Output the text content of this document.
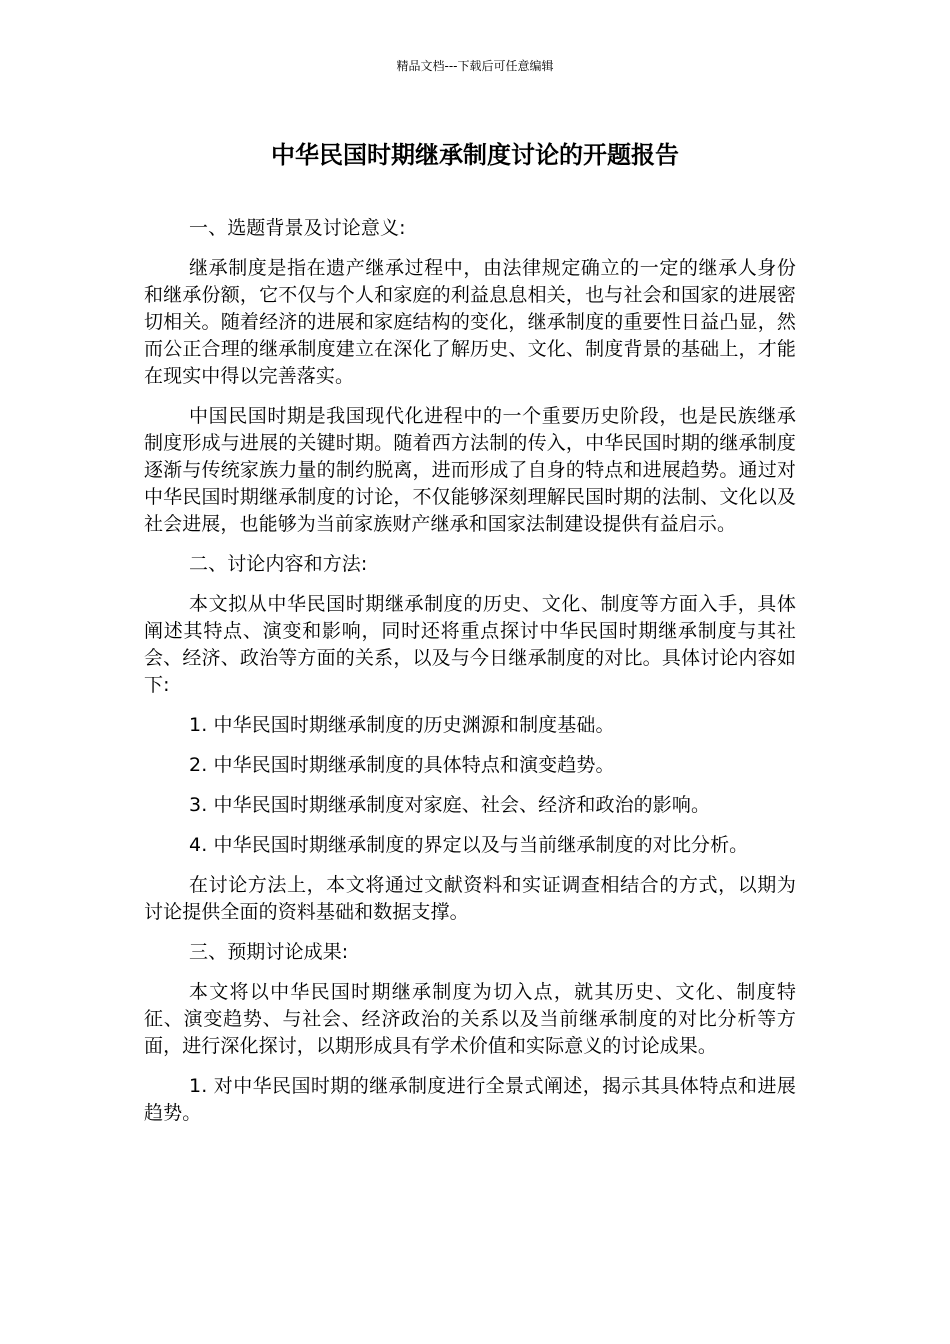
精品文档---下载后可任意编辑
中华民国时期继承制度讨论的开题报告

一、选题背景及讨论意义:

继承制度是指在遗产继承过程中，由法律规定确立的一定的继承人身份和继承份额，它不仅与个人和家庭的利益息息相关，也与社会和国家的进展密切相关。随着经济的进展和家庭结构的变化，继承制度的重要性日益凸显，然而公正合理的继承制度建立在深化了解历史、文化、制度背景的基础上，才能在现实中得以完善落实。

中国民国时期是我国现代化进程中的一个重要历史阶段，也是民族继承制度形成与进展的关键时期。随着西方法制的传入，中华民国时期的继承制度逐渐与传统家族力量的制约脱离，进而形成了自身的特点和进展趋势。通过对中华民国时期继承制度的讨论，不仅能够深刻理解民国时期的法制、文化以及社会进展，也能够为当前家族财产继承和国家法制建设提供有益启示。

二、讨论内容和方法:

本文拟从中华民国时期继承制度的历史、文化、制度等方面入手，具体阐述其特点、演变和影响，同时还将重点探讨中华民国时期继承制度与其社会、经济、政治等方面的关系，以及与今日继承制度的对比。具体讨论内容如下:

1. 中华民国时期继承制度的历史渊源和制度基础。

2. 中华民国时期继承制度的具体特点和演变趋势。

3. 中华民国时期继承制度对家庭、社会、经济和政治的影响。

4. 中华民国时期继承制度的界定以及与当前继承制度的对比分析。

在讨论方法上，本文将通过文献资料和实证调查相结合的方式，以期为讨论提供全面的资料基础和数据支撑。

三、预期讨论成果:

本文将以中华民国时期继承制度为切入点，就其历史、文化、制度特征、演变趋势、与社会、经济政治的关系以及当前继承制度的对比分析等方面，进行深化探讨，以期形成具有学术价值和实际意义的讨论成果。

1. 对中华民国时期的继承制度进行全景式阐述，揭示其具体特点和进展趋势。
